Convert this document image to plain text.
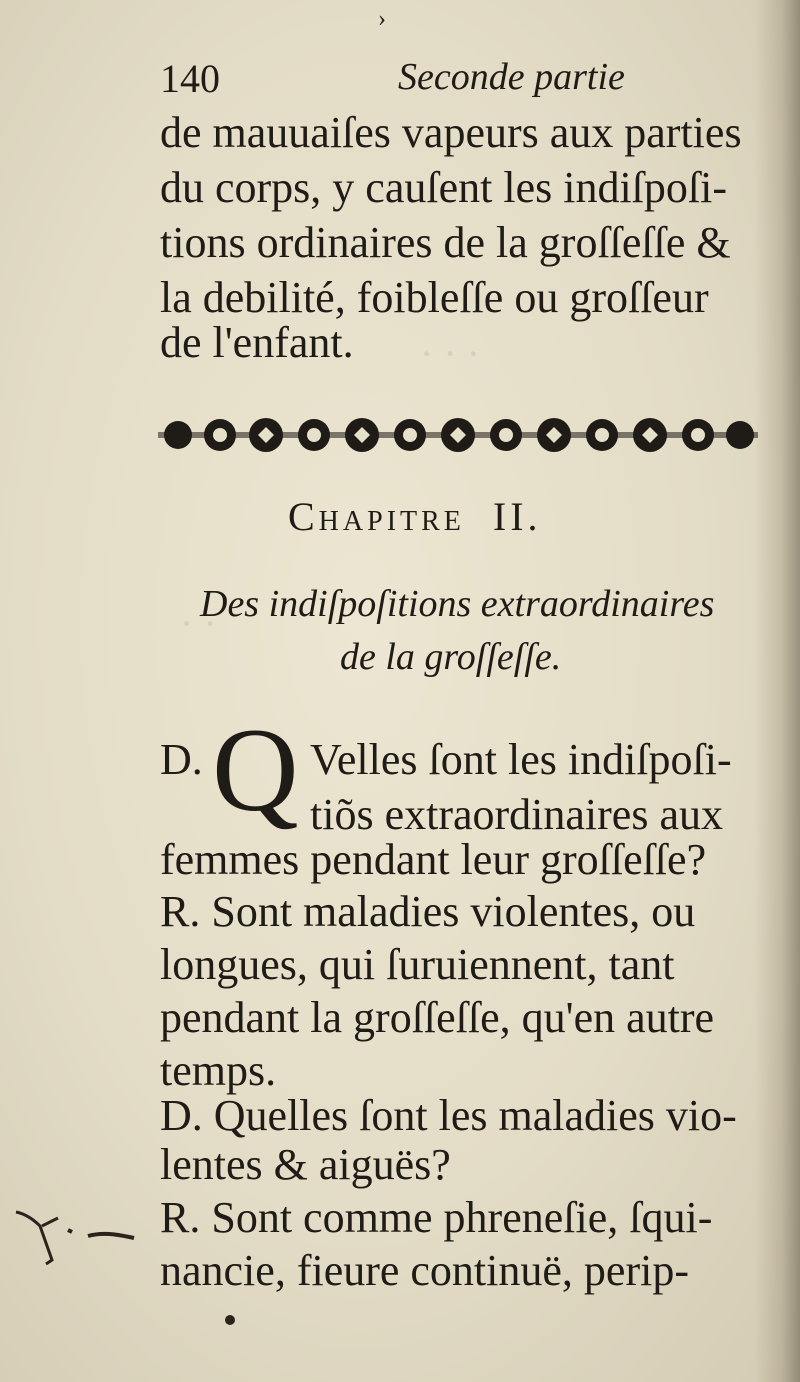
· · ·
· ·
›
140	Seconde partie
de mauuaiſes vapeurs aux parties
du corps, y cauſent les indiſpoſi-
tions ordinaires de la groſſeſſe &
la debilité, foibleſſe ou groſſeur
de l'enfant.
Chapitre II.
Des indiſpoſitions extraordinaires
de la groſſeſſe.
D. Q Velles ſont les indiſpoſi-
tiõs extraordinaires aux
femmes pendant leur groſſeſſe?
R. Sont maladies violentes, ou
longues, qui ſuruiennent, tant
pendant la groſſeſſe, qu'en autre
temps.
D. Quelles ſont les maladies vio-
lentes & aiguës?
R. Sont comme phreneſie, ſqui-
nancie, fieure continuë, perip-
